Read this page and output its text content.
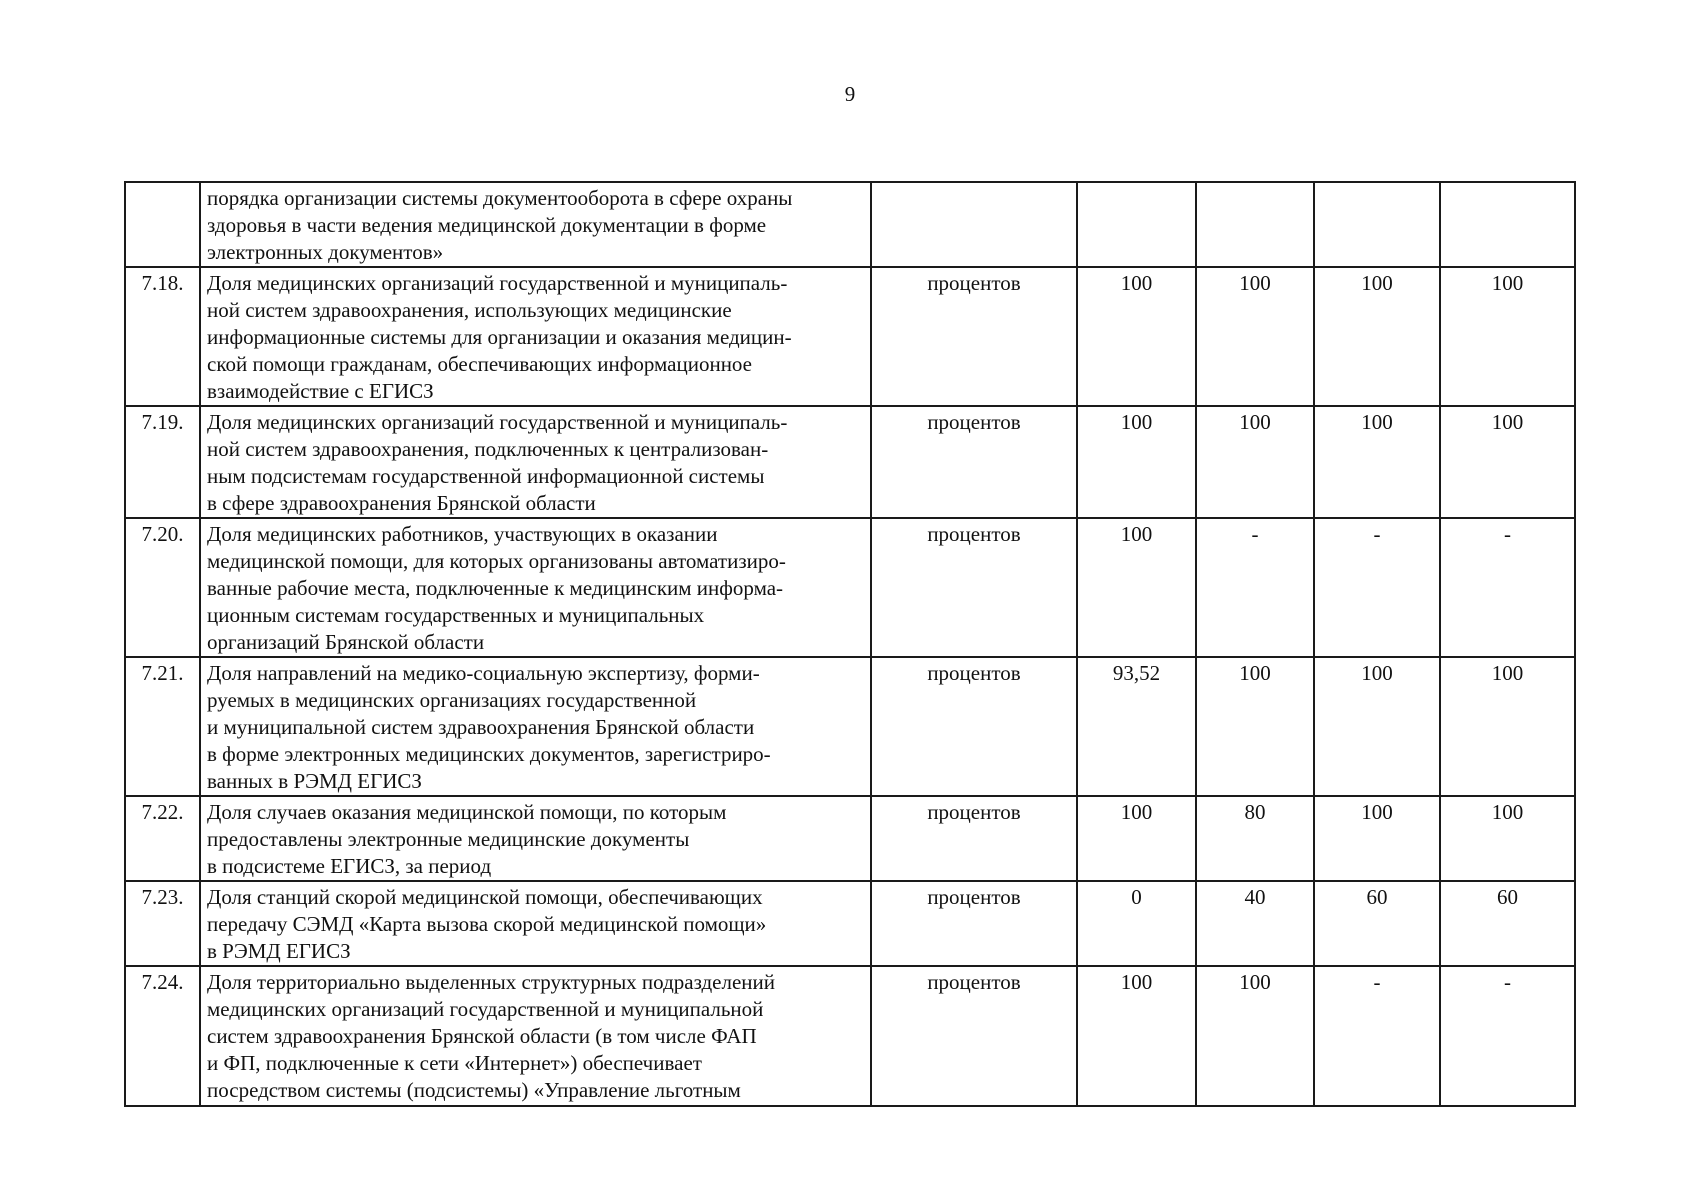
9
	порядка организации системы документооборота в сфере охраны
здоровья в части ведения медицинской документации в форме
электронных документов»					
7.18.	Доля медицинских организаций государственной и муниципаль-
ной систем здравоохранения, использующих медицинские
информационные системы для организации и оказания медицин-
ской помощи гражданам, обеспечивающих информационное
взаимодействие с ЕГИСЗ	процентов	100	100	100	100
7.19.	Доля медицинских организаций государственной и муниципаль-
ной систем здравоохранения, подключенных к централизован-
ным подсистемам государственной информационной системы
в сфере здравоохранения Брянской области	процентов	100	100	100	100
7.20.	Доля медицинских работников, участвующих в оказании
медицинской помощи, для которых организованы автоматизиро-
ванные рабочие места, подключенные к медицинским информа-
ционным системам государственных и муниципальных
организаций Брянской области	процентов	100	-	-	-
7.21.	Доля направлений на медико-социальную экспертизу, форми-
руемых в медицинских организациях государственной
и муниципальной систем здравоохранения Брянской области
в форме электронных медицинских документов, зарегистриро-
ванных в РЭМД ЕГИСЗ	процентов	93,52	100	100	100
7.22.	Доля случаев оказания медицинской помощи, по которым
предоставлены электронные медицинские документы
в подсистеме ЕГИСЗ, за период	процентов	100	80	100	100
7.23.	Доля станций скорой медицинской помощи, обеспечивающих
передачу СЭМД «Карта вызова скорой медицинской помощи»
в РЭМД ЕГИСЗ	процентов	0	40	60	60
7.24.	Доля территориально выделенных структурных подразделений
медицинских организаций государственной и муниципальной
систем здравоохранения Брянской области (в том числе ФАП
и ФП, подключенные к сети «Интернет») обеспечивает
посредством системы (подсистемы) «Управление льготным	процентов	100	100	-	-
